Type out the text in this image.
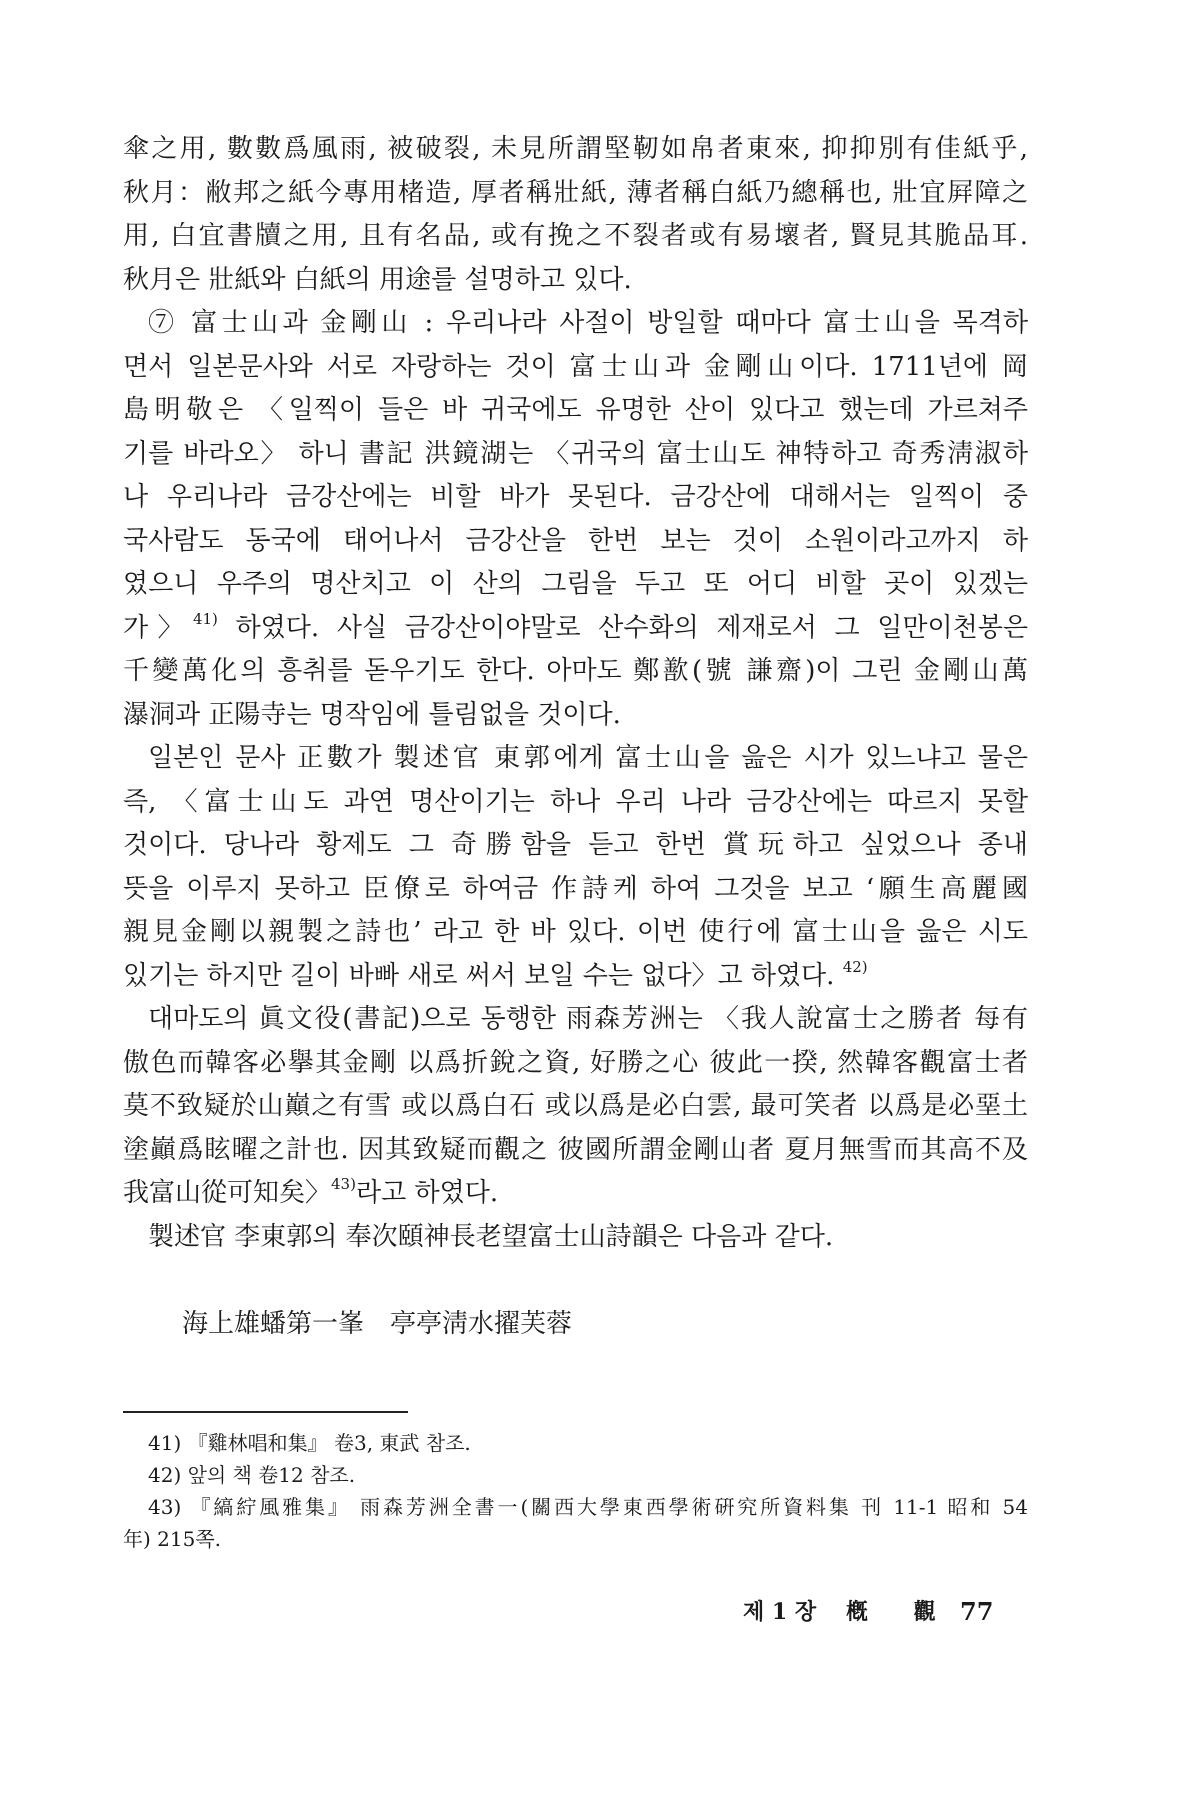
傘之用, 數數爲風雨, 被破裂, 未見所謂堅靭如帛者東來, 抑抑別有佳紙乎,
秋月：敝邦之紙今專用楮造, 厚者稱壯紙, 薄者稱白紙乃總稱也, 壯宜屛障之
用, 白宜書牘之用, 且有名品, 或有挽之不裂者或有易壞者, 賢見其脆品耳.
秋月은 壯紙와 白紙의 用途를 설명하고 있다.
⑦ 富士山과 金剛山 : 우리나라 사절이 방일할 때마다 富士山을 목격하
면서 일본문사와 서로 자랑하는 것이 富士山과 金剛山이다. 1711년에 岡
島明敬은 〈일찍이 들은 바 귀국에도 유명한 산이 있다고 했는데 가르쳐주
기를 바라오〉 하니 書記 洪鏡湖는 〈귀국의 富士山도 神特하고 奇秀淸淑하
나 우리나라 금강산에는 비할 바가 못된다. 금강산에 대해서는 일찍이 중
국사람도 동국에 태어나서 금강산을 한번 보는 것이 소원이라고까지 하
였으니 우주의 명산치고 이 산의 그림을 두고 또 어디 비할 곳이 있겠는
가〉$^{41)}$ 하였다. 사실 금강산이야말로 산수화의 제재로서 그 일만이천봉은
千變萬化의 흥취를 돋우기도 한다. 아마도 鄭歚(號 謙齋)이 그린 金剛山萬
瀑洞과 正陽寺는 명작임에 틀림없을 것이다.
일본인 문사 正數가 製述官 東郭에게 富士山을 읊은 시가 있느냐고 물은
즉, 〈富士山도 과연 명산이기는 하나 우리 나라 금강산에는 따르지 못할
것이다. 당나라 황제도 그 奇勝함을 듣고 한번 賞玩하고 싶었으나 종내
뜻을 이루지 못하고 臣僚로 하여금 作詩케 하여 그것을 보고 ‘願生高麗國
親見金剛以親製之詩也’ 라고 한 바 있다. 이번 使行에 富士山을 읊은 시도
있기는 하지만 길이 바빠 새로 써서 보일 수는 없다〉고 하였다. $^{42)}$
대마도의 眞文役(書記)으로 동행한 雨森芳洲는 〈我人說富士之勝者 每有
傲色而韓客必擧其金剛 以爲折銳之資, 好勝之心 彼此一揆, 然韓客觀富士者
莫不致疑於山巔之有雪 或以爲白石 或以爲是必白雲, 最可笑者 以爲是必堊土
塗巓爲眩曜之計也. 因其致疑而觀之 彼國所謂金剛山者 夏月無雪而其高不及
我富山從可知矣〉$^{43)}$라고 하였다.
製述官 李東郭의 奉次頤神長老望富士山詩韻은 다음과 같다.
海上雄蟠第一峯　亭亭淸水擢芙蓉
41) 『雞林唱和集』 卷3, 東武 참조.
42) 앞의 책 卷12 참조.
43) 『縞紵風雅集』 雨森芳洲全書一(關西大學東西學術硏究所資料集 刊 11-1 昭和 54
年) 215쪽.
제 1 장 槪 觀 77
